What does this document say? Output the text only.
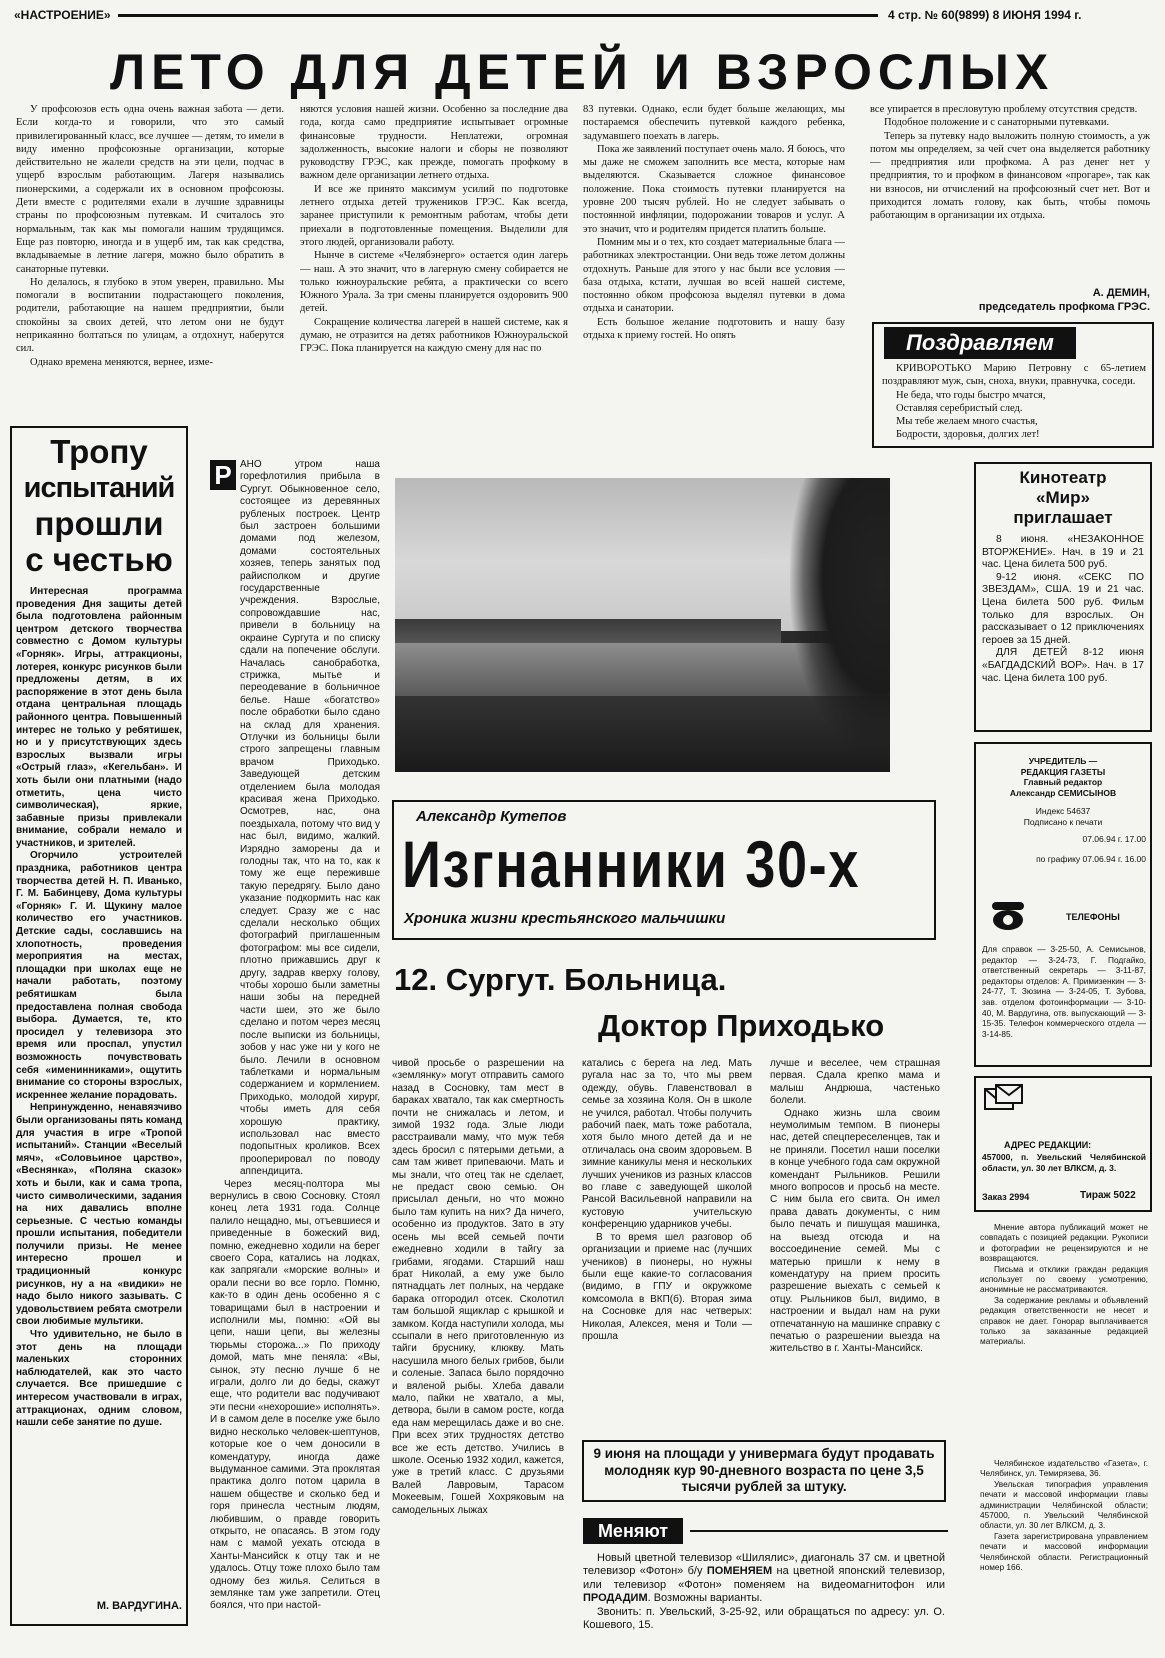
«НАСТРОЕНИЕ»	4 стр. № 60(9899) 8 ИЮНЯ 1994 г.
ЛЕТО ДЛЯ ДЕТЕЙ И ВЗРОСЛЫХ

У профсоюзов есть одна очень важная забота — дети. Если когда-то и говорили, что это самый привилегированный класс, все лучшее — детям, то имели в виду именно профсоюзные организации, которые действительно не жалели средств на эти цели, подчас в ущерб взрослым работающим. Лагеря назывались пионерскими, а содержали их в основном профсоюзы. Дети вместе с родителями ехали в лучшие здравницы страны по профсоюзным путевкам. И считалось это нормальным, так как мы помогали нашим трудящимся. Еще раз повторю, иногда и в ущерб им, так как средства, вкладываемые в летние лагеря, можно было обратить в санаторные путевки.

Но делалось, я глубоко в этом уверен, правильно. Мы помогали в воспитании подрастающего поколения, родители, работающие на нашем предприятии, были спокойны за своих детей, что летом они не будут неприкаянно болтаться по улицам, а отдохнут, наберутся сил.

Однако времена меняются, вернее, изме-

няются условия нашей жизни. Особенно за последние два года, когда само предприятие испытывает огромные финансовые трудности. Неплатежи, огромная задолженность, высокие налоги и сборы не позволяют руководству ГРЭС, как прежде, помогать профкому в важном деле организации летнего отдыха.

И все же принято максимум усилий по подготовке летнего отдыха детей тружеников ГРЭС. Как всегда, заранее приступили к ремонтным работам, чтобы дети приехали в подготовленные помещения. Выделили для этого людей, организовали работу.

Нынче в системе «Челябэнерго» остается один лагерь — наш. А это значит, что в лагерную смену собирается не только южноуральские ребята, а практически со всего Южного Урала. За три смены планируется оздоровить 900 детей.

Сокращение количества лагерей в нашей системе, как я думаю, не отразится на детях работников Южноуральской ГРЭС. Пока планируется на каждую смену для нас по

83 путевки. Однако, если будет больше желающих, мы постараемся обеспечить путевкой каждого ребенка, задумавшего поехать в лагерь.

Пока же заявлений поступает очень мало. Я боюсь, что мы даже не сможем заполнить все места, которые нам выделяются. Сказывается сложное финансовое положение. Пока стоимость путевки планируется на уровне 200 тысяч рублей. Но не следует забывать о постоянной инфляции, подорожании товаров и услуг. А это значит, что и родителям придется платить больше.

Помним мы и о тех, кто создает материальные блага — работниках электростанции. Они ведь тоже летом должны отдохнуть. Раньше для этого у нас были все условия — база отдыха, кстати, лучшая во всей нашей системе, постоянно обком профсоюза выделял путевки в дома отдыха и санатории.

Есть большое желание подготовить и нашу базу отдыха к приему гостей. Но опять

все упирается в пресловутую проблему отсутствия средств.

Подобное положение и с санаторными путевками.

Теперь за путевку надо выложить полную стоимость, а уж потом мы определяем, за чей счет она выделяется работнику — предприятия или профкома. А раз денег нет у предприятия, то и профком в финансовом «прогаре», так как ни взносов, ни отчислений на профсоюзный счет нет. Вот и приходится ломать голову, как быть, чтобы помочь работающим в организации их отдыха.

А. ДЕМИН,
председатель профкома ГРЭС.
Поздравляем

КРИВОРОТЬКО Марию Петровну с 65-летием поздравляют муж, сын, сноха, внуки, правнучка, соседи.

Не беда, что годы быстро мчатся,
Оставляя серебристый след.
Мы тебе желаем много счастья,
Бодрости, здоровья, долгих лет!
Тропу
испытаний
прошли
с честью

Интересная программа проведения Дня защиты детей была подготовлена районным центром детского творчества совместно с Домом культуры «Горняк». Игры, аттракционы, лотерея, конкурс рисунков были предложены детям, в их распоряжение в этот день была отдана центральная площадь районного центра. Повышенный интерес не только у ребятишек, но и у присутствующих здесь взрослых вызвали игры «Острый глаз», «Кегельбан». И хоть были они платными (надо отметить, цена чисто символическая), яркие, забавные призы привлекали внимание, собрали немало и участников, и зрителей.

Огорчило устроителей праздника, работников центра творчества детей Н. П. Иванько, Г. М. Бабинцеву, Дома культуры «Горняк» Г. И. Щукину малое количество его участников. Детские сады, сославшись на хлопотность, проведения мероприятия на местах, площадки при школах еще не начали работать, поэтому ребятишкам была предоставлена полная свобода выбора. Думается, те, кто просидел у телевизора это время или проспал, упустил возможность почувствовать себя «именинниками», ощутить внимание со стороны взрослых, искреннее желание порадовать.

Непринужденно, ненавязчиво были организованы пять команд для участия в игре «Тропой испытаний». Станции «Веселый мяч», «Соловьиное царство», «Веснянка», «Поляна сказок» хоть и были, как и сама тропа, чисто символическими, задания на них давались вполне серьезные. С честью команды прошли испытания, победители получили призы. Не менее интересно прошел и традиционный конкурс рисунков, ну а на «видики» не надо было никого зазывать. С удовольствием ребята смотрели свои любимые мультики.

Что удивительно, не было в этот день на площади маленьких сторонних наблюдателей, как это часто случается. Все пришедшие с интересом участвовали в играх, аттракционах, одним словом, нашли себе занятие по душе.

М. ВАРДУГИНА.
Р АНО утром наша горефлотилия прибыла в Сургут. Обыкновенное село, состоящее из деревянных рубленых построек. Центр был застроен большими домами под железом, домами состоятельных хозяев, теперь занятых под райисполком и другие государственные учреждения. Взрослые, сопровождавшие нас, привели в больницу на окраине Сургута и по списку сдали на попечение обслуги. Началась санобработка, стрижка, мытье и переодевание в больничное белье. Наше «богатство» после обработки было сдано на склад для хранения. Отлучки из больницы были строго запрещены главным врачом Приходько. Заведующей детским отделением была молодая красивая жена Приходько. Осмотрев, нас, она поездыхала, потому что вид у нас был, видимо, жалкий. Изрядно заморены да и голодны так, что на то, как к тому же еще переживше такую передрягу. Было дано указание подкормить нас как следует. Сразу же с нас сделали несколько общих фотографий приглашенным фотографом: мы все сидели, плотно прижавшись друг к другу, задрав кверху голову, чтобы хорошо были заметны наши зобы на передней части шеи, это же было сделано и потом через месяц после выписки из больницы, зобов у нас уже ни у кого не было. Лечили в основном таблетками и нормальным содержанием и кормлением. Приходько, молодой хирург, чтобы иметь для себя хорошую практику, использовал нас вместо подопытных кроликов. Всех прооперировал по поводу аппендицита.

Через месяц-полтора мы вернулись в свою Сосновку. Стоял конец лета 1931 года. Солнце палило нещадно, мы, отъевшиеся и приведенные в божеский вид, помню, ежедневно ходили на берег своего Сора, катались на лодках, как запрягали «морские волны» и орали песни во все горло. Помню, как-то в один день особенно я с товарищами был в настроении и исполнили мы, помню: «Ой вы цепи, наши цепи, вы железны тюрьмы сторожа...» По приходу домой, мать мне пеняла: «Вы, сынок, эту песню лучше б не играли, долго ли до беды, скажут еще, что родители вас подучивают эти песни «нехорошие» исполнять». И в самом деле в поселке уже было видно несколько человек-шептунов, которые кое о чем доносили в комендатуру, иногда даже выдуманное самими. Эта проклятая практика долго потом царила в нашем обществе и сколько бед и горя принесла честным людям, любившим, о правде говорить открыто, не опасаясь. В этом году нам с мамой уехать отсюда в Ханты-Мансийск к отцу так и не удалось. Отцу тоже плохо было там одному без жилья. Селиться в землянке там уже запретили. Отец боялся, что при настой-

Александр Кутепов
Изгнанники 30-х
Хроника жизни крестьянского мальчишки
12. Сургут. Больница.
Доктор Приходько

чивой просьбе о разрешении на «землянку» могут отправить самого назад в Сосновку, там мест в бараках хватало, так как смертность почти не снижалась и летом, и зимой 1932 года. Злые люди расстраивали маму, что муж тебя здесь бросил с пятерыми детьми, а сам там живет припеваючи. Мать и мы знали, что отец так не сделает, не предаст свою семью. Он присылал деньги, но что можно было там купить на них? Да ничего, особенно из продуктов. Зато в эту осень мы всей семьей почти ежедневно ходили в тайгу за грибами, ягодами. Старший наш брат Николай, а ему уже было пятнадцать лет полных, на чердаке барака отгородил отсек. Сколотил там большой ящиклар с крышкой и замком. Когда наступили холода, мы ссыпали в него приготовленную из тайги бруснику, клюкву. Мать насушила много белых грибов, были и соленые. Запаса было порядочно и вяленой рыбы. Хлеба давали мало, пайки не хватало, а мы, детвора, были в самом росте, когда еда нам мерещилась даже и во сне. При всех этих трудностях детство все же есть детство. Учились в школе. Осенью 1932 ходил, кажется, уже в третий класс. С друзьями Валей Лавровым, Тарасом Мокеевым, Гошей Хохряковым на самодельных лыжах

катались с берега на лед. Мать ругала нас за то, что мы рвем одежду, обувь. Главенствовал в семье за хозяина Коля. Он в школе не учился, работал. Чтобы получить рабочий паек, мать тоже работала, хотя было много детей да и не отличалась она своим здоровьем. В зимние каникулы меня и нескольких лучших учеников из разных классов во главе с заведующей школой Рансой Васильевной направили на кустовую учительскую конференцию ударников учебы.

В то время шел разговор об организации и приеме нас (лучших учеников) в пионеры, но нужны были еще какие-то согласования (видимо, в ГПУ и окружкоме комсомола в ВКП(б). Вторая зима на Сосновке для нас четверых: Николая, Алексея, меня и Толи — прошла

лучше и веселее, чем страшная первая. Сдала крепко мама и малыш Андрюша, частенько болели.

Однако жизнь шла своим неумолимым темпом. В пионеры нас, детей спецпереселенцев, так и не приняли. Посетил наши поселки в конце учебного года сам окружной комендант Рыльников. Решили много вопросов и просьб на месте. С ним была его свита. Он имел права давать документы, с ним было печать и пишущая машинка, на выезд отсюда и на воссоединение семей. Мы с матерью пришли к нему в комендатуру на прием просить разрешение выехать с семьей к отцу. Рыльников был, видимо, в настроении и выдал нам на руки отпечатанную на машинке справку с печатью о разрешении выезда на жительство в г. Ханты-Мансийск.

9 июня на площади у универмага будут продавать молодняк кур 90-дневного возраста по цене 3,5 тысячи рублей за штуку.
Меняют

Новый цветной телевизор «Шилялис», диагональ 37 см. и цветной телевизор «Фотон» б/у ПОМЕНЯЕМ на цветной японский телевизор, или телевизор «Фотон» поменяем на видеомагнитофон или ПРОДАДИМ. Возможны варианты.

Звонить: п. Увельский, 3-25-92, или обращаться по адресу: ул. О. Кошевого, 15.

Кинотеатр
«Мир»
приглашает

8 июня. «НЕЗАКОННОЕ ВТОРЖЕНИЕ». Нач. в 19 и 21 час. Цена билета 500 руб.

9-12 июня. «СЕКС ПО ЗВЕЗДАМ», США. 19 и 21 час. Цена билета 500 руб. Фильм только для взрослых. Он рассказывает о 12 приключениях героев за 15 дней.

ДЛЯ ДЕТЕЙ 8-12 июня «БАГДАДСКИЙ ВОР». Нач. в 17 час. Цена билета 100 руб.

УЧРЕДИТЕЛЬ —
РЕДАКЦИЯ ГАЗЕТЫ
Главный редактор
Александр СЕМИСЫНОВ
Индекс 54637
Подписано к печати
07.06.94 г. 17.00
по графику 07.06.94 г. 16.00
ТЕЛЕФОНЫ

Для справок — 3-25-50, А. Семисынов, редактор — 3-24-73, Г. Подгайко, ответственный секретарь — 3-11-87, редакторы отделов: А. Примизенкин — 3-24-77, Т. Зюзина — 3-24-05, Т. Зубова, зав. отделом фотоинформации — 3-10-40, М. Вардугина, отв. выпускающий — 3-15-35. Телефон коммерческого отдела — 3-14-85.

АДРЕС РЕДАКЦИИ:

457000, п. Увельский Челябинской области, ул. 30 лет ВЛКСМ, д. 3.

Заказ 2994	Тираж 5022

Мнение автора публикаций может не совпадать с позицией редакции. Рукописи и фотографии не рецензируются и не возвращаются.

Письма и отклики граждан редакция использует по своему усмотрению, анонимные не рассматриваются.

За содержание рекламы и объявлений редакция ответственности не несет и справок не дает. Гонорар выплачивается только за заказанные редакцией материалы.

Челябинское издательство «Газета», г. Челябинск, ул. Темирязева, 36.

Увельская типография управления печати и массовой информации главы администрации Челябинской области; 457000, п. Увельский Челябинской области, ул. 30 лет ВЛКСМ, д. 3.

Газета зарегистрирована управлением печати и массовой информации Челябинской области. Регистрационный номер 166.
